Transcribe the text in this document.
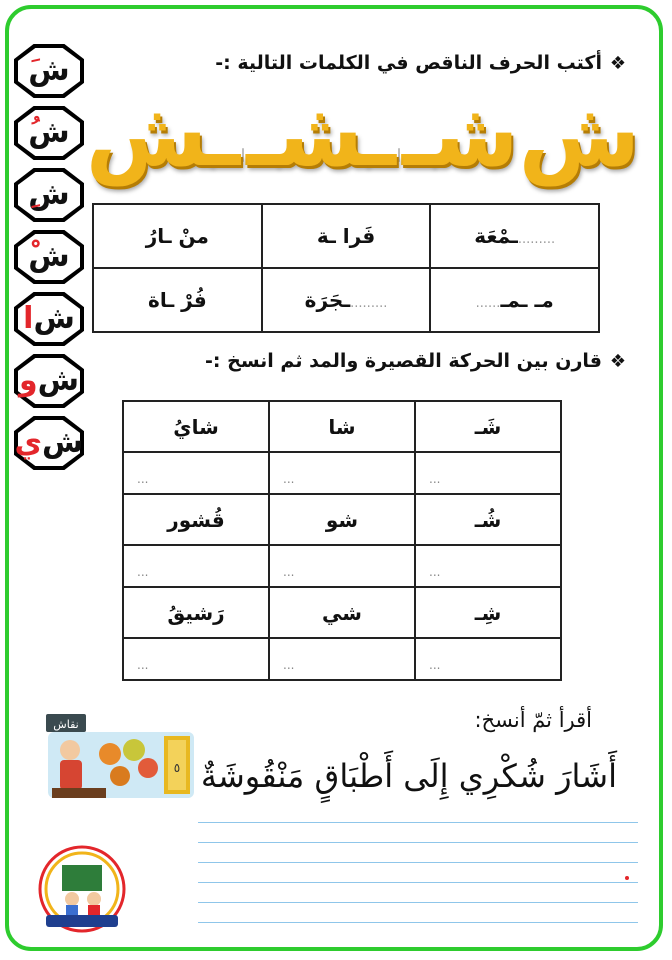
ش
ش
ش
ش
ش
ا
ش
و
ش
ي
❖أكتب الحرف الناقص في الكلمات التالية :-
ش
شـ
ـشـ
ـش
.........ـمْعَة	فَرا ـة	منْ ـارُ
مـ ـمـ......	.........ـجَرَة	فُرْ ـاة
❖قارن بين الحركة القصيرة والمد ثم انسخ :-
شَـ	شا	شايُ

...	...	...

شُـ	شو	قُشور

...	...	...

شِـ	شي	رَشيقُ

...	...	...
نقاش
٥
أقرأ ثمّ أنسخ:
أَشَارَ شُكْرِي إِلَى أَطْبَاقٍ مَنْقُوشَةٌ
